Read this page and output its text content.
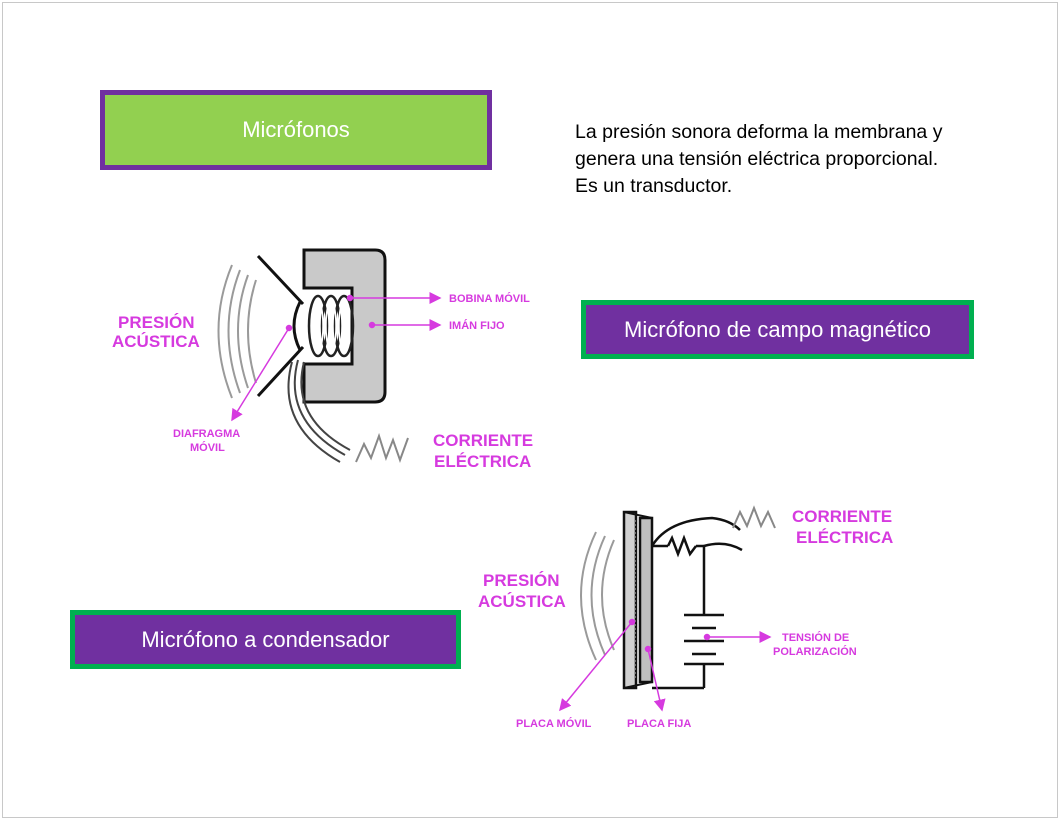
Micrófonos	La presión sonora deforma la membrana y
genera una tensión eléctrica proporcional.
Es un transductor.
Micrófono de campo magnético
Micrófono a condensador
PRESIÓN
ACÚSTICA
BOBINA MÓVIL
IMÁN FIJO
DIAFRAGMA
MÓVIL	CORRIENTE
ELÉCTRICA
PRESIÓN
ACÚSTICA
CORRIENTE
ELÉCTRICA
TENSIÓN DE
POLARIZACIÓN
PLACA MÓVIL	PLACA FIJA
